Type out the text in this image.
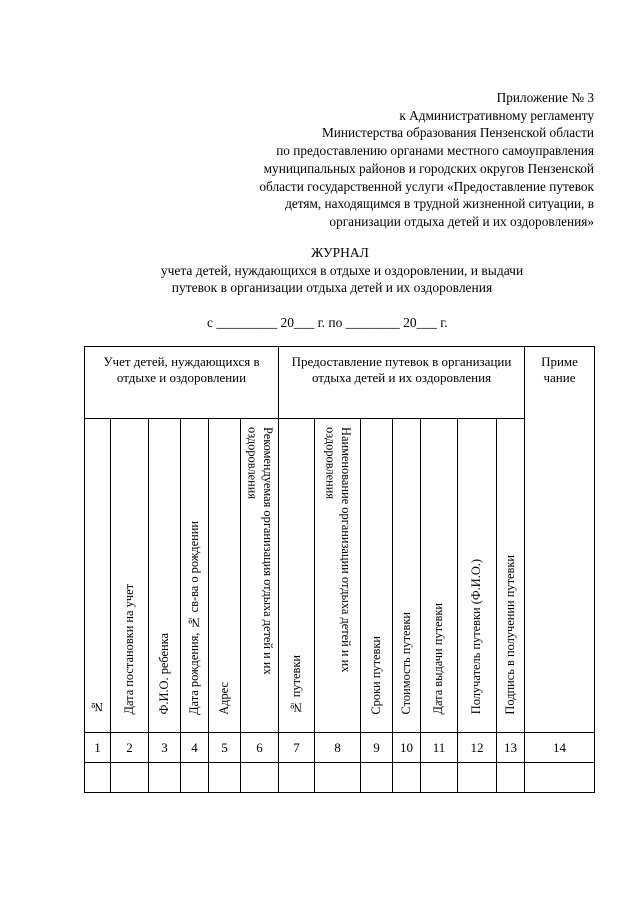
Приложение № 3
к Административному регламенту
Министерства образования Пензенской области
по предоставлению органами местного самоуправления
муниципальных районов и городских округов Пензенской
области государственной услуги «Предоставление путевок
детям, находящимся в трудной жизненной ситуации, в
организации отдыха детей и их оздоровления»
ЖУРНАЛ
учета детей, нуждающихся в отдыхе и оздоровлении, и выдачи
путевок в организации отдыха детей и их оздоровления
с _________ 20___ г. по ________ 20___ г.
Учет детей, нуждающихся в отдыхе и оздоровлении						Предоставление путевок в организации отдыха детей и их оздоровления							Приме чание
№	Дата постановки на учет	Ф.И.О. ребенка	Дата рождения, № св-ва о рождении	Адрес	Рекомендуемая организация отдыха детей и их оздоровления	№ путевки	Наименование организации отдыха детей и их оздоровления	Сроки путевки	Стоимость путевки	Дата выдачи путевки	Получатель путевки (Ф.И.О.)	Подпись в получении путевки	
1	2	3	4	5	6	7	8	9	10	11	12	13	14
